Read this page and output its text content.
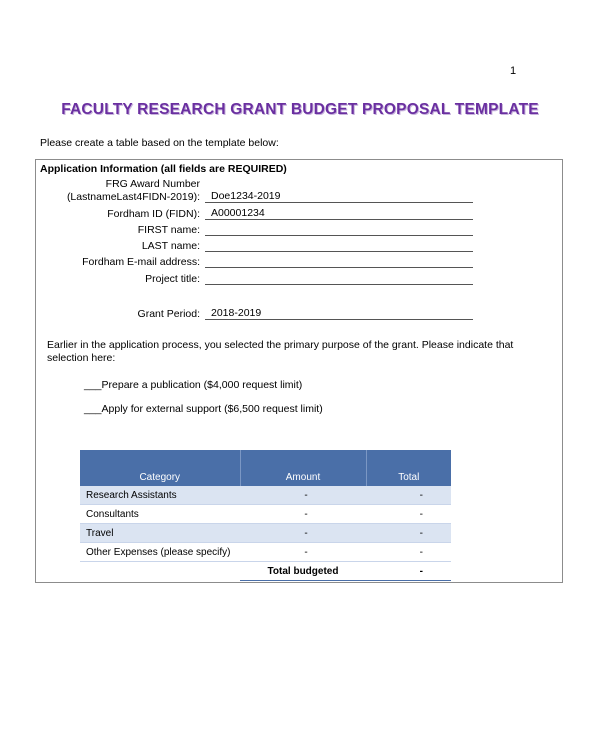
1
FACULTY RESEARCH GRANT BUDGET PROPOSAL TEMPLATE
Please create a table based on the template below:
Application Information (all fields are REQUIRED)
FRG Award Number
(LastnameLast4FIDN-2019):	Doe1234-2019
Fordham ID (FIDN):	A00001234
FIRST name:
LAST name:
Fordham E-mail address:
Project title:
Grant Period:	2018-2019
Earlier in the application process, you selected the primary purpose of the grant. Please indicate that selection here:
___Prepare a publication ($4,000 request limit)
___Apply for external support ($6,500 request limit)

Category	Amount	Total
Research Assistants	-	-
Consultants	-	-
Travel	-	-
Other Expenses (please specify)	-	-
	Total budgeted	-
